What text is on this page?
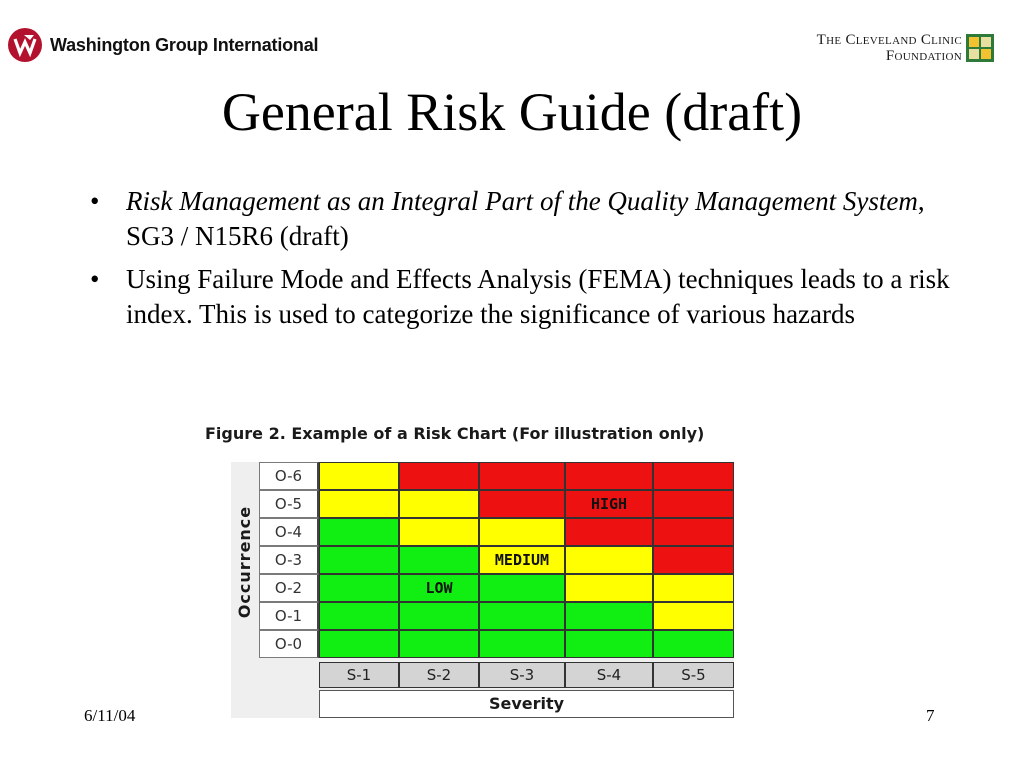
Washington Group International	The Cleveland Clinic
Foundation
General Risk Guide (draft)
• Risk Management as an Integral Part of the Quality Management System, SG3 / N15R6 (draft)
• Using Failure Mode and Effects Analysis (FEMA) techniques leads to a risk index. This is used to categorize the significance of various hazards
Figure 2. Example of a Risk Chart (For illustration only)
Occurrence
O-6
O-5	HIGH
O-4
O-3	MEDIUM
O-2	LOW
O-1
O-0
S-1	S-2	S-3	S-4	S-5
Severity
6/11/04	7
